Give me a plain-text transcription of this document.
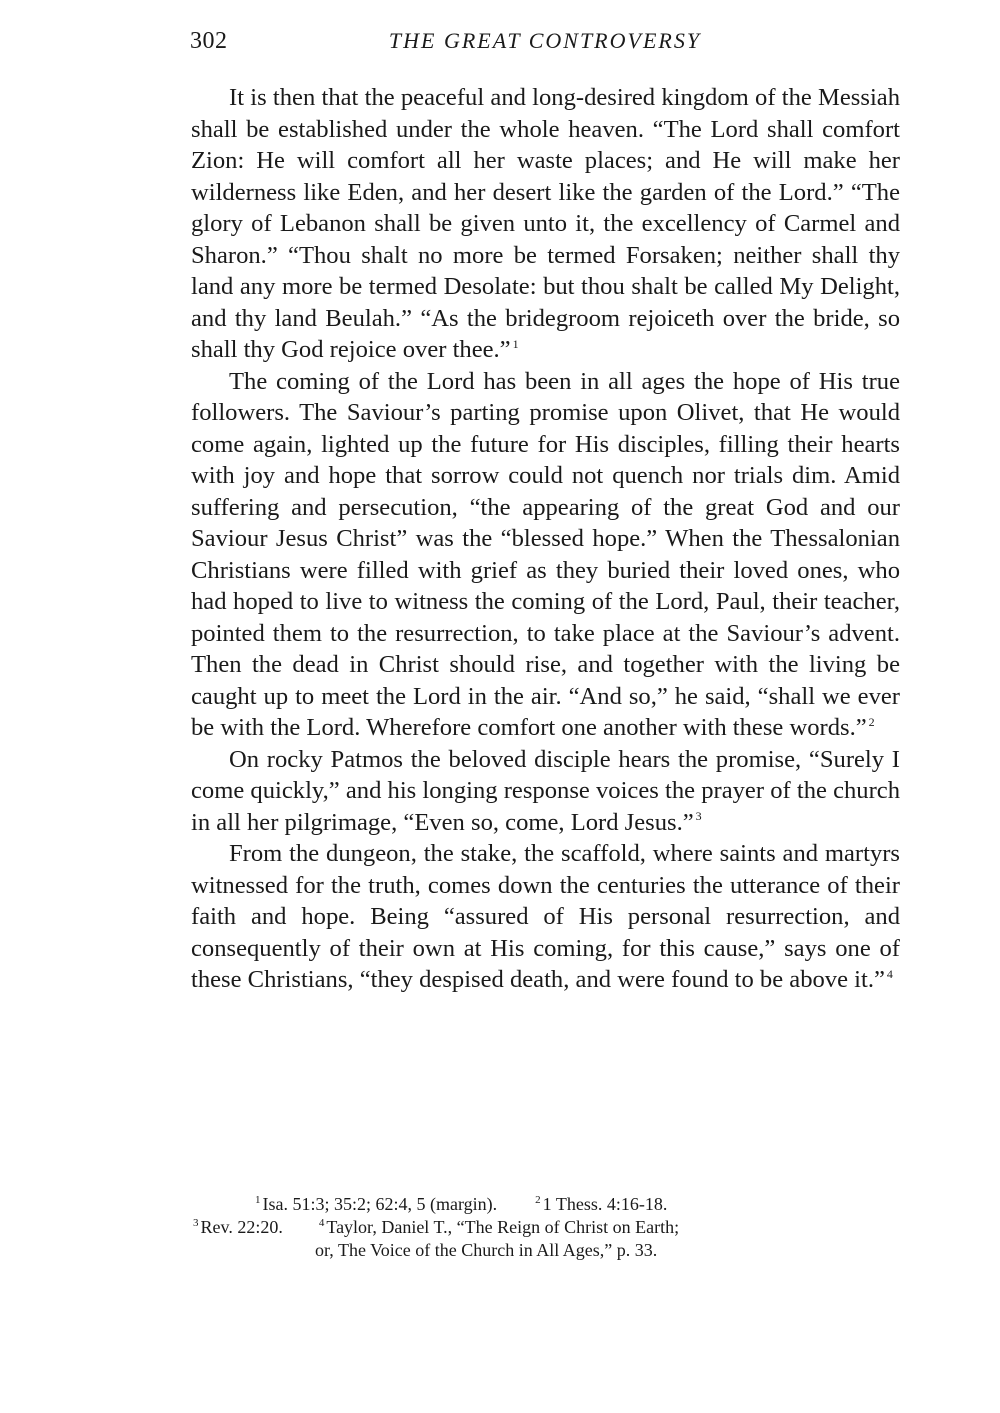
302	THE GREAT CONTROVERSY

It is then that the peaceful and long-desired kingdom of the Messiah shall be established under the whole heaven. “The Lord shall comfort Zion: He will comfort all her waste places; and He will make her wilderness like Eden, and her desert like the garden of the Lord.” “The glory of Lebanon shall be given unto it, the excellency of Carmel and Sharon.” “Thou shalt no more be termed Forsaken; neither shall thy land any more be termed Desolate: but thou shalt be called My Delight, and thy land Beulah.” “As the bridegroom rejoiceth over the bride, so shall thy God rejoice over thee.” $^1$

The coming of the Lord has been in all ages the hope of His true followers. The Saviour’s parting promise upon Olivet, that He would come again, lighted up the future for His disciples, filling their hearts with joy and hope that sorrow could not quench nor trials dim. Amid suffering and persecution, “the appearing of the great God and our Saviour Jesus Christ” was the “blessed hope.” When the Thessalonian Christians were filled with grief as they buried their loved ones, who had hoped to live to witness the coming of the Lord, Paul, their teacher, pointed them to the resurrection, to take place at the Saviour’s advent. Then the dead in Christ should rise, and together with the living be caught up to meet the Lord in the air. “And so,” he said, “shall we ever be with the Lord. Wherefore comfort one another with these words.” $^2$

On rocky Patmos the beloved disciple hears the promise, “Surely I come quickly,” and his longing response voices the prayer of the church in all her pilgrimage, “Even so, come, Lord Jesus.” $^3$

From the dungeon, the stake, the scaffold, where saints and martyrs witnessed for the truth, comes down the centuries the utterance of their faith and hope. Being “assured of His personal resurrection, and consequently of their own at His coming, for this cause,” says one of these Christians, “they despised death, and were found to be above it.” $^4$

$^1$ Isa. 51:3; 35:2; 62:4, 5 (margin).	$^2$ 1 Thess. 4:16-18.
$^3$ Rev. 22:20.	$^4$ Taylor, Daniel T., “The Reign of Christ on Earth;
or, The Voice of the Church in All Ages,” p. 33.
